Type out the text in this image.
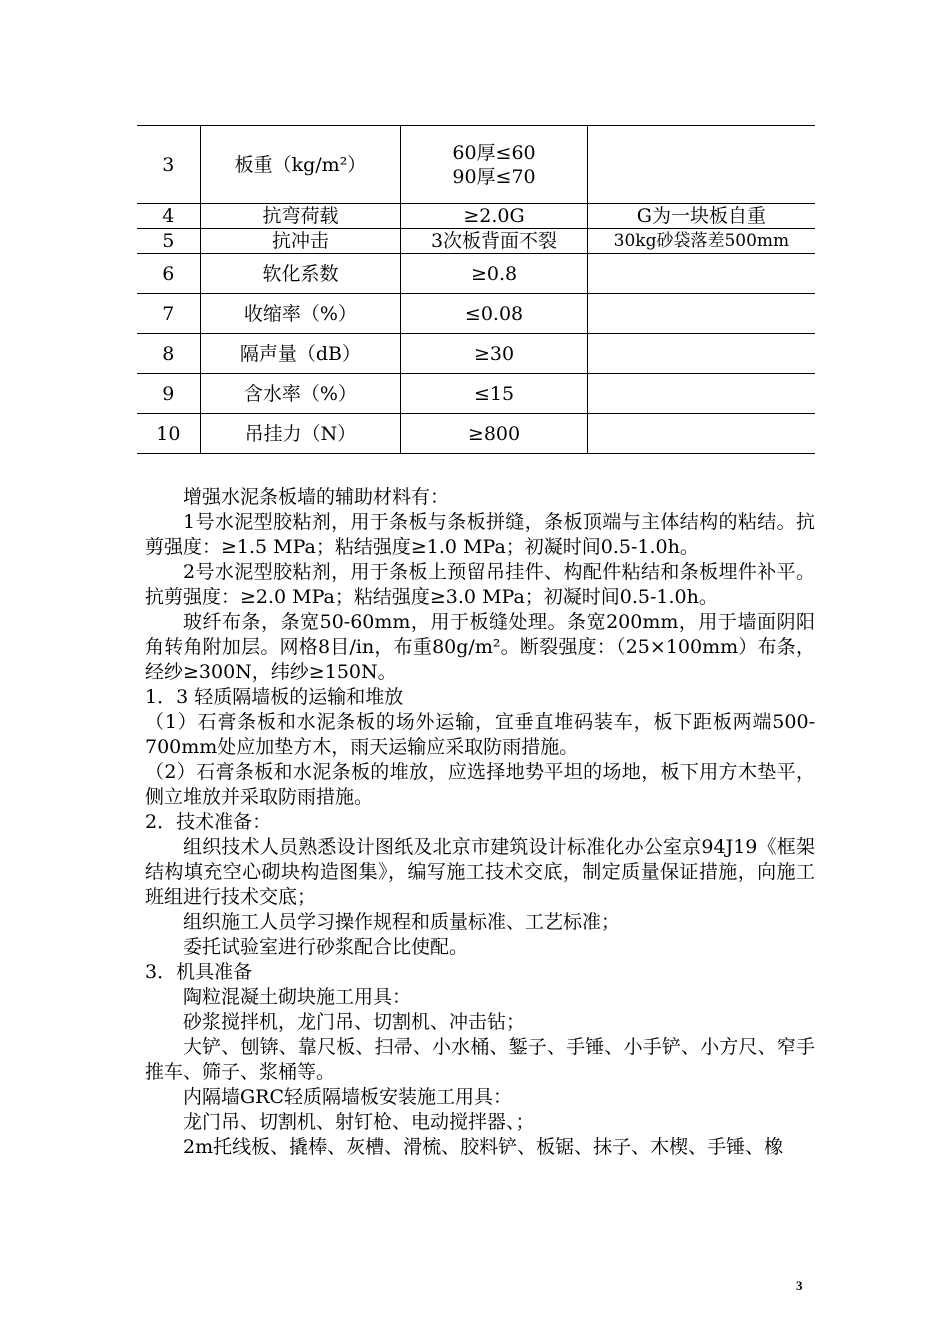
3	板重（kg/m²）	60厚≤60
90厚≤70	

4	抗弯荷载	≥2.0G	G为一块板自重
5	抗冲击	3次板背面不裂	30kg砂袋落差500mm
6	软化系数	≥0.8	
7	收缩率（%）	≤0.08	
8	隔声量（dB）	≥30	
9	含水率（%）	≤15	
10	吊挂力（N）	≥800	

增强水泥条板墙的辅助材料有：

1号水泥型胶粘剂，用于条板与条板拼缝，条板顶端与主体结构的粘结。抗剪强度：≥1.5 MPa；粘结强度≥1.0 MPa；初凝时间0.5-1.0h。

2号水泥型胶粘剂，用于条板上预留吊挂件、构配件粘结和条板埋件补平。抗剪强度：≥2.0 MPa；粘结强度≥3.0 MPa；初凝时间0.5-1.0h。

玻纤布条，条宽50-60mm，用于板缝处理。条宽200mm，用于墙面阴阳角转角附加层。网格8目/in，布重80g/m²。断裂强度：（25×100mm）布条，经纱≥300N，纬纱≥150N。

1．3 轻质隔墙板的运输和堆放

（1）石膏条板和水泥条板的场外运输，宜垂直堆码装车，板下距板两端500-700mm处应加垫方木，雨天运输应采取防雨措施。

（2）石膏条板和水泥条板的堆放，应选择地势平坦的场地，板下用方木垫平，侧立堆放并采取防雨措施。

2．技术准备：

组织技术人员熟悉设计图纸及北京市建筑设计标准化办公室京94J19《框架结构填充空心砌块构造图集》，编写施工技术交底，制定质量保证措施，向施工班组进行技术交底；

组织施工人员学习操作规程和质量标准、工艺标准；

委托试验室进行砂浆配合比使配。

3．机具准备

陶粒混凝土砌块施工用具：

砂浆搅拌机，龙门吊、切割机、冲击钻；

大铲、刨锛、靠尺板、扫帚、小水桶、錾子、手锤、小手铲、小方尺、窄手推车、筛子、浆桶等。

内隔墙GRC轻质隔墙板安装施工用具：

龙门吊、切割机、射钉枪、电动搅拌器、；

2m托线板、撬棒、灰槽、滑梳、胶料铲、板锯、抹子、木楔、手锤、橡

3
